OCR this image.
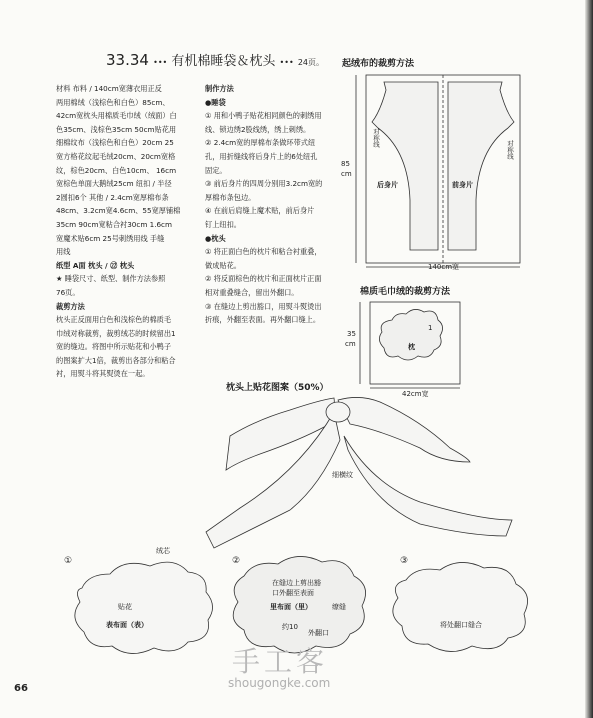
33.34 ••• 有机棉睡袋＆枕头 ••• 24页。
材料 布料 / 140cm宽薄衣用正反
两用棉绒（浅棕色和白色）85cm、
42cm宽枕头用棉质毛巾绒（绒面）白
色35cm、浅棕色35cm 50cm贴花用
细棉纹布（浅棕色和白色）20cm 25
宽方格花纹起毛绒20cm、20cm宽格
纹，棕色20cm、白色10cm、 16cm
宽棕色单面大鹅绒25cm 纽扣 / 半径
2圆扣6个 其他 / 2.4cm宽厚棉布条
48cm、3.2cm宽4.6cm、55宽厚铺棉
35cm 90cm宽粘合衬30cm 1.6cm
宽魔术贴6cm 25号刺绣用线 手缝
用线
纸型 A面 枕头 / ㉒ 枕头
★ 睡袋尺寸、纸型、制作方法参照
76页。
裁剪方法
枕头正反面用白色和浅棕色的棉质毛
巾绒对称裁剪，裁剪绒芯的时候留出1
宽的缝边。将图中所示贴花和小鸭子
的图案扩大1倍，裁剪出各部分和粘合
衬，用熨斗将其熨烫在一起。
制作方法
●睡袋
① 用和小鸭子贴花相同颜色的刺绣用
线、锁边绣2股线绣，绣上刺绣。
② 2.4cm宽的厚棉布条做环带式纽
孔，用折缝线将后身片上的6处纽孔
固定。
③ 前后身片的四周分别用3.2cm宽的
厚棉布条包边。
④ 在前后肩缝上魔术贴，前后身片
钉上纽扣。
●枕头
① 将正面白色的枕片和粘合衬重叠，
做成贴花。
② 将反面棕色的枕片和正面枕片正面
相对重叠缝合，留出外翻口。
③ 在缝边上剪出豁口，用熨斗熨烫出
折痕，外翻至表面。再外翻口缝上。
起绒布的裁剪方法
对称线
对称线
后身片	前身片
85
cm
140cm宽
棉质毛巾绒的裁剪方法
枕
1
35
cm
42cm宽
枕头上贴花图案（50%）
细横纹
①
绒芯
贴花
表布面（表）
②
在缝边上剪出豁
口外翻至表面
里布面（里）	缭缝
约10
外翻口
③
将处翻口缝合
66
手工客
shougongke.com
